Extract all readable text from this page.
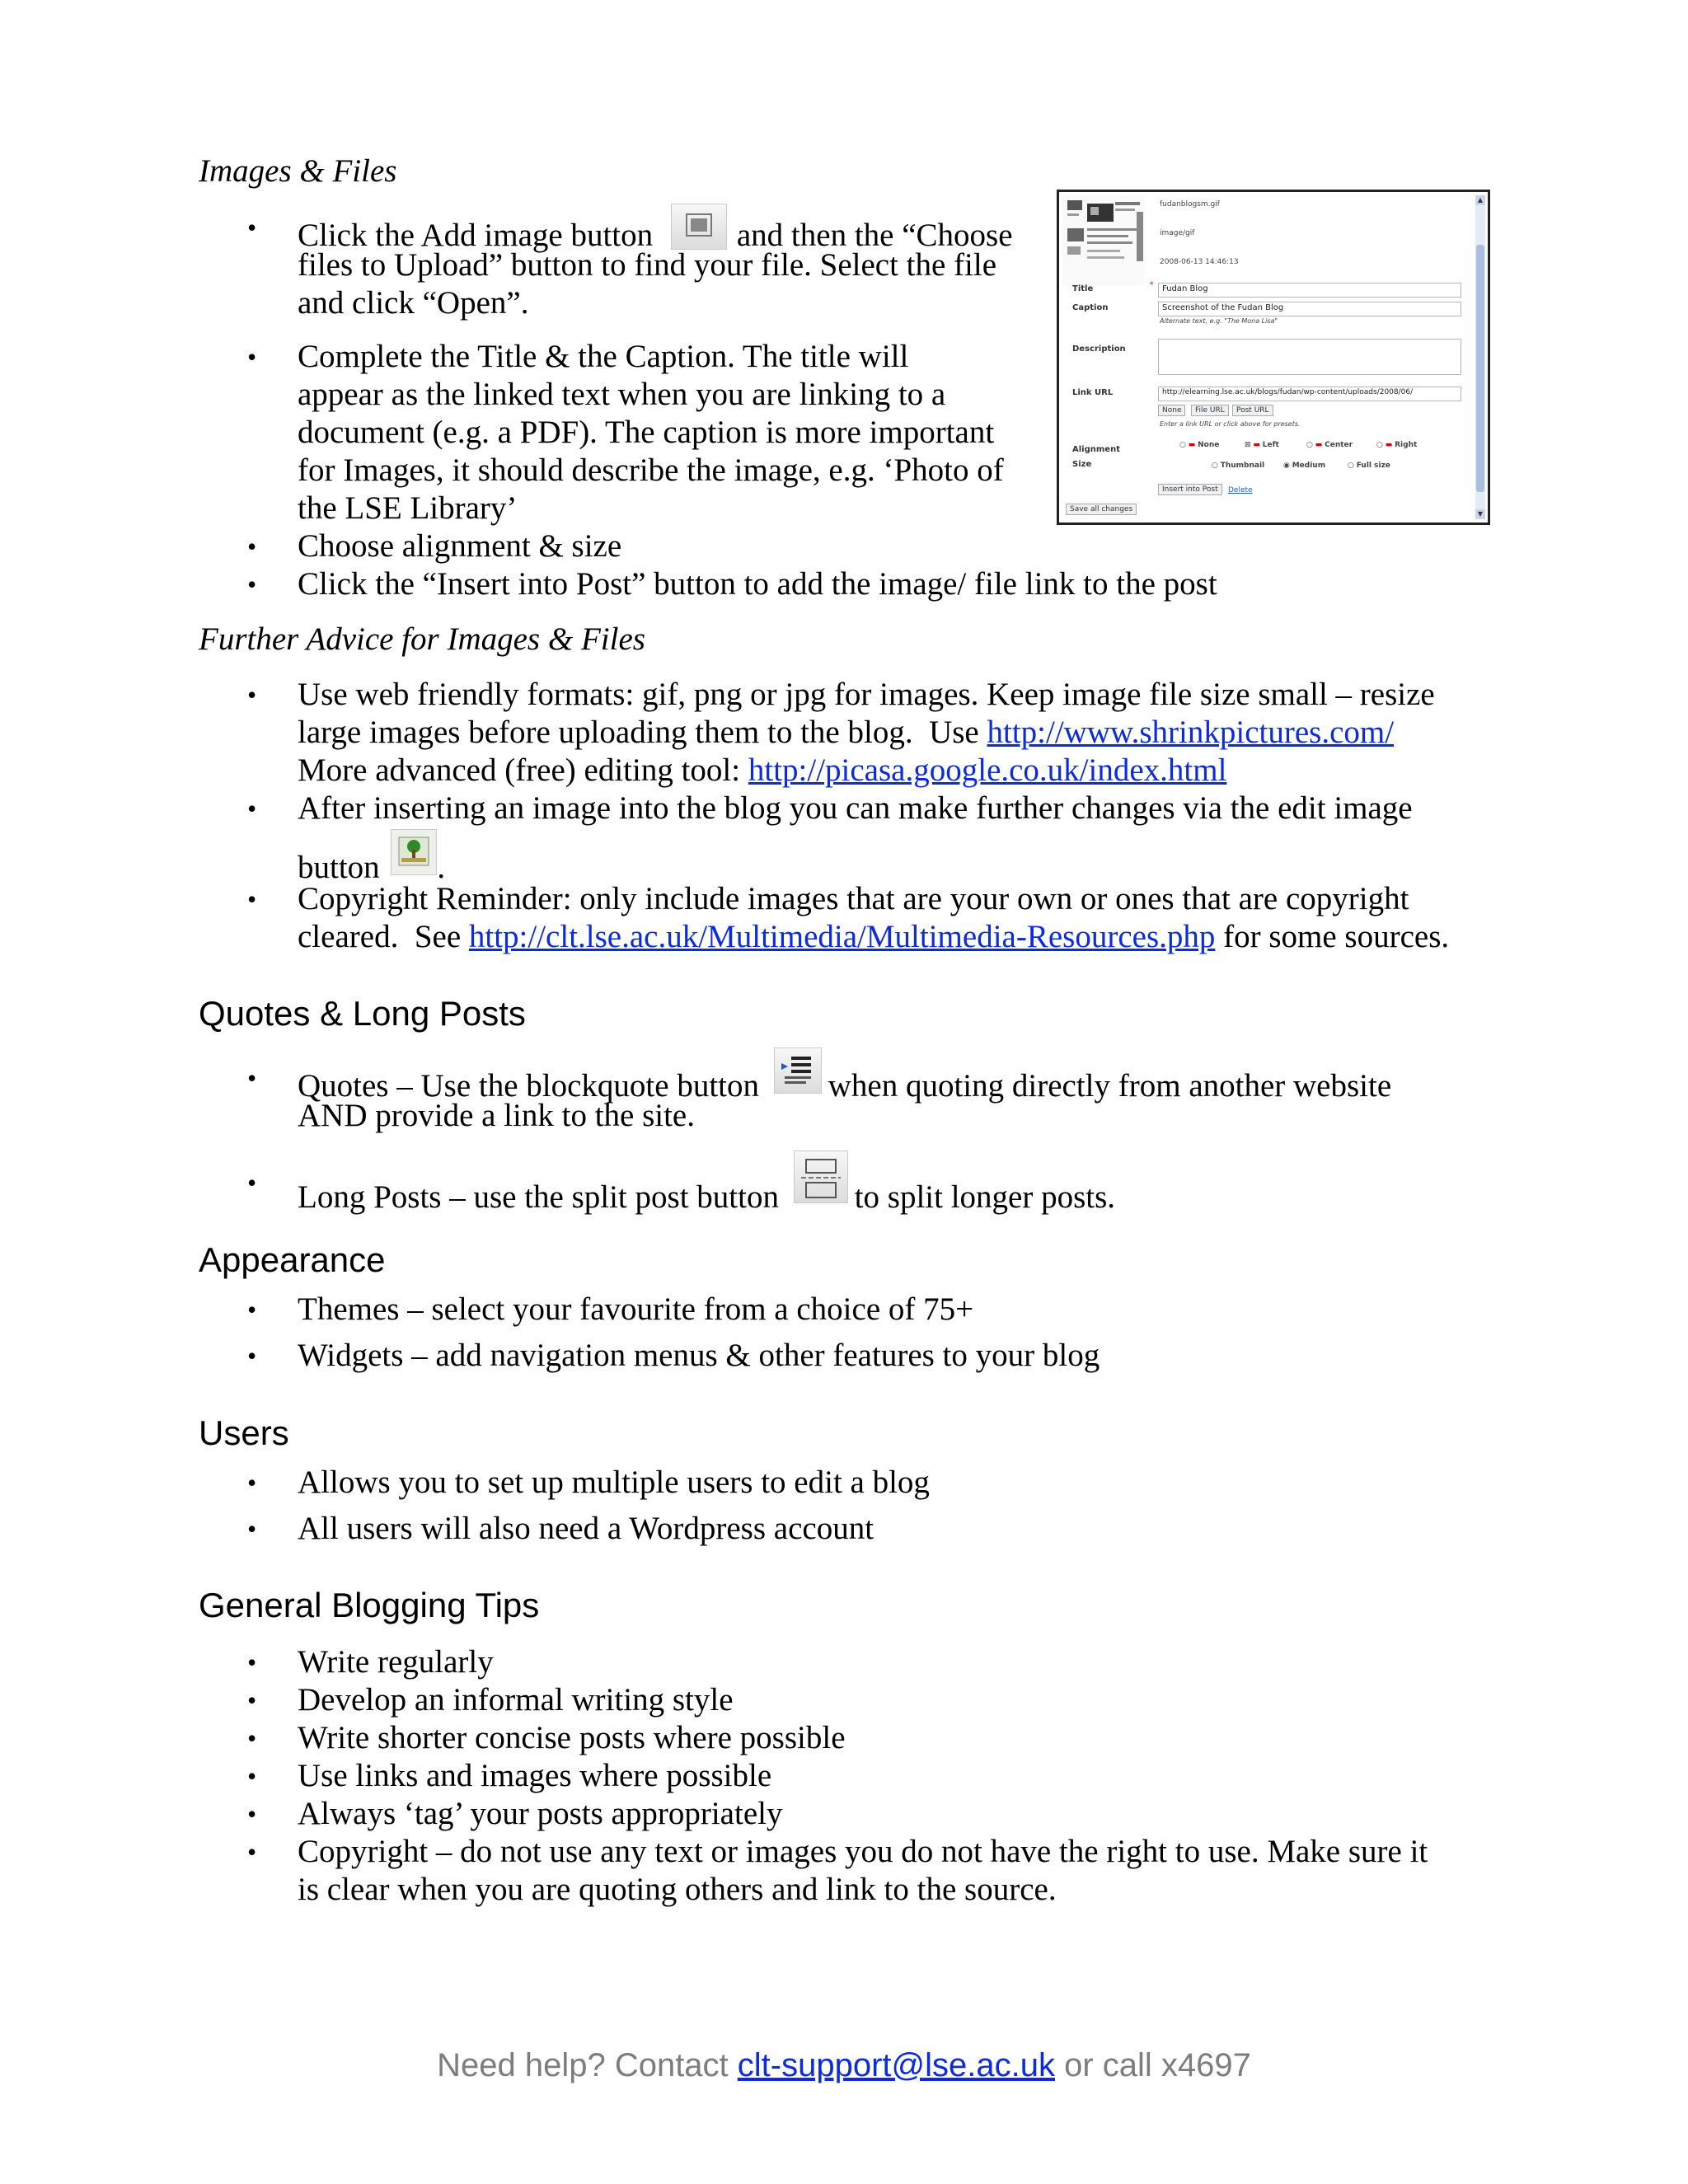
Images & Files
• Click the Add image button	and then the “Choose
files to Upload” button to find your file. Select the file
and click “Open”.
• Complete the Title & the Caption. The title will
appear as the linked text when you are linking to a
document (e.g. a PDF). The caption is more important
for Images, it should describe the image, e.g. ‘Photo of
the LSE Library’
• Choose alignment & size
• Click the “Insert into Post” button to add the image/ file link to the post
fudanblogsm.gif
image/gif
2008-06-13 14:46:13
Title	*	Fudan Blog
Caption	Screenshot of the Fudan Blog
Alternate text, e.g. "The Mona Lisa"
Description
Link URL	http://elearning.lse.ac.uk/blogs/fudan/wp-content/uploads/2008/06/
None	File URL	Post URL
Enter a link URL or click above for presets.
Alignment	○ ▬ None	⊠ ▬ Left	○ ▬ Center	○ ▬ Right
Size	○ Thumbnail	◉ Medium	○ Full size
Insert into Post	Delete
Save all changes
▲
▼
Further Advice for Images & Files
• Use web friendly formats: gif, png or jpg for images. Keep image file size small – resize
large images before uploading them to the blog.  Use http://www.shrinkpictures.com/
More advanced (free) editing tool: http://picasa.google.co.uk/index.html
• After inserting an image into the blog you can make further changes via the edit image
button .
• Copyright Reminder: only include images that are your own or ones that are copyright
cleared.  See http://clt.lse.ac.uk/Multimedia/Multimedia-Resources.php for some sources.
Quotes & Long Posts
• Quotes – Use the blockquote button when quoting directly from another website
AND provide a link to the site.
• Long Posts – use the split post button to split longer posts.
Appearance
• Themes – select your favourite from a choice of 75+
• Widgets – add navigation menus & other features to your blog
Users
• Allows you to set up multiple users to edit a blog
• All users will also need a Wordpress account
General Blogging Tips
• Write regularly
• Develop an informal writing style
• Write shorter concise posts where possible
• Use links and images where possible
• Always ‘tag’ your posts appropriately
• Copyright – do not use any text or images you do not have the right to use. Make sure it
is clear when you are quoting others and link to the source.
Need help? Contact clt-support@lse.ac.uk or call x4697
